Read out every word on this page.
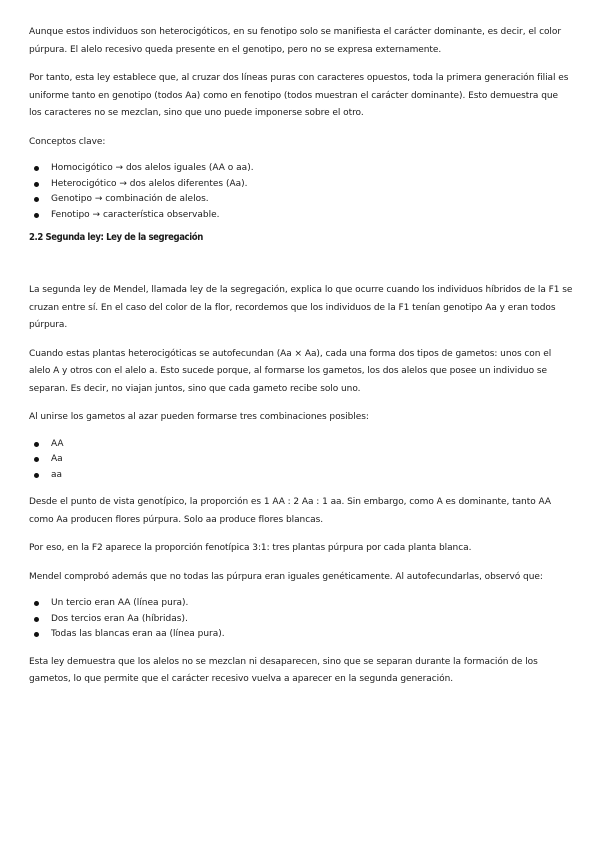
Aunque estos individuos son heterocigóticos, en su fenotipo solo se manifiesta el carácter dominante, es decir, el color púrpura. El alelo recesivo queda presente en el genotipo, pero no se expresa externamente.

Por tanto, esta ley establece que, al cruzar dos líneas puras con caracteres opuestos, toda la primera generación filial es uniforme tanto en genotipo (todos Aa) como en fenotipo (todos muestran el carácter dominante). Esto demuestra que los caracteres no se mezclan, sino que uno puede imponerse sobre el otro.

Conceptos clave:

Homocigótico → dos alelos iguales (AA o aa).
Heterocigótico → dos alelos diferentes (Aa).
Genotipo → combinación de alelos.
Fenotipo → característica observable.
2.2 Segunda ley: Ley de la segregación

La segunda ley de Mendel, llamada ley de la segregación, explica lo que ocurre cuando los individuos híbridos de la F1 se cruzan entre sí. En el caso del color de la flor, recordemos que los individuos de la F1 tenían genotipo Aa y eran todos púrpura.

Cuando estas plantas heterocigóticas se autofecundan (Aa × Aa), cada una forma dos tipos de gametos: unos con el alelo A y otros con el alelo a. Esto sucede porque, al formarse los gametos, los dos alelos que posee un individuo se separan. Es decir, no viajan juntos, sino que cada gameto recibe solo uno.

Al unirse los gametos al azar pueden formarse tres combinaciones posibles:

AA
Aa
aa

Desde el punto de vista genotípico, la proporción es 1 AA : 2 Aa : 1 aa. Sin embargo, como A es dominante, tanto AA como Aa producen flores púrpura. Solo aa produce flores blancas.

Por eso, en la F2 aparece la proporción fenotípica 3:1: tres plantas púrpura por cada planta blanca.

Mendel comprobó además que no todas las púrpura eran iguales genéticamente. Al autofecundarlas, observó que:

Un tercio eran AA (línea pura).
Dos tercios eran Aa (híbridas).
Todas las blancas eran aa (línea pura).

Esta ley demuestra que los alelos no se mezclan ni desaparecen, sino que se separan durante la formación de los gametos, lo que permite que el carácter recesivo vuelva a aparecer en la segunda generación.
